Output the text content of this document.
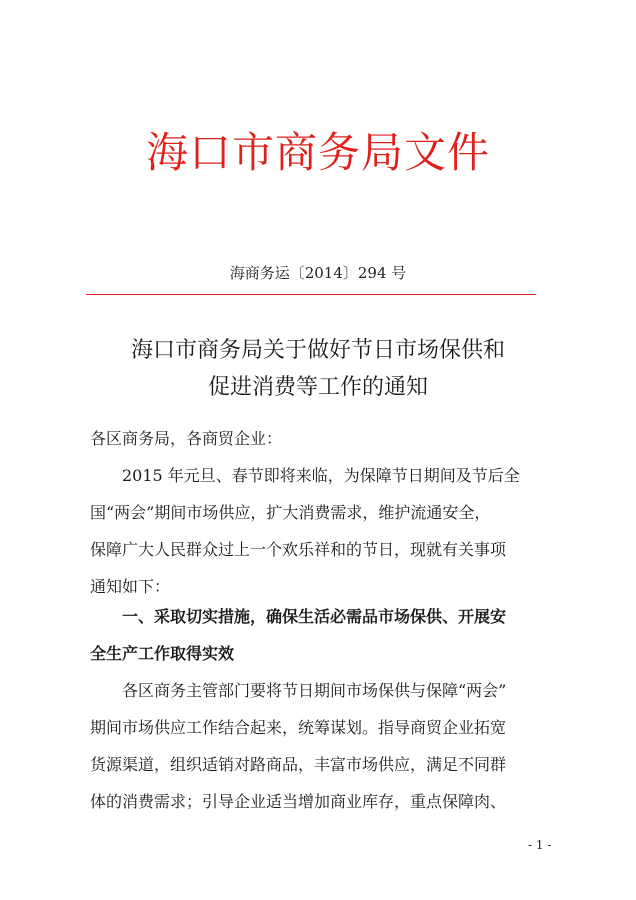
海口市商务局文件
海商务运〔2014〕294 号
海口市商务局关于做好节日市场保供和
促进消费等工作的通知
各区商务局，各商贸企业：
2015 年元旦、春节即将来临，为保障节日期间及节后全
国“两会”期间市场供应，扩大消费需求，维护流通安全，
保障广大人民群众过上一个欢乐祥和的节日，现就有关事项
通知如下：
一、采取切实措施，确保生活必需品市场保供、开展安
全生产工作取得实效
各区商务主管部门要将节日期间市场保供与保障“两会”
期间市场供应工作结合起来，统筹谋划。指导商贸企业拓宽
货源渠道，组织适销对路商品，丰富市场供应，满足不同群
体的消费需求；引导企业适当增加商业库存，重点保障肉、
- 1 -
